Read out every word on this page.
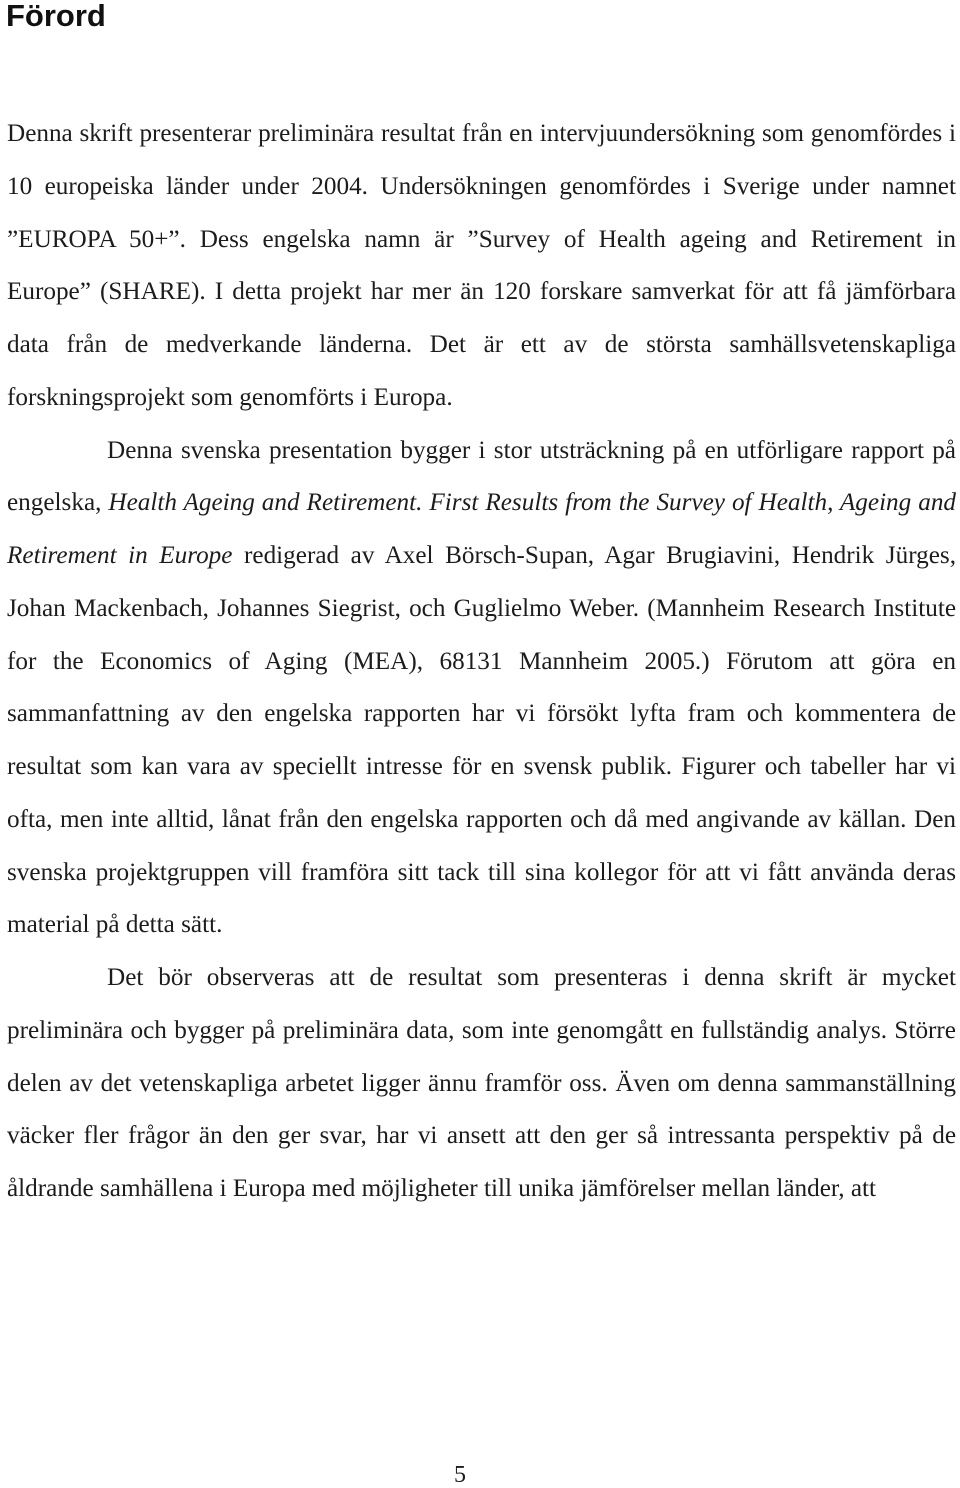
Förord

Denna skrift presenterar preliminära resultat från en intervjuundersökning som genomfördes i 10 europeiska länder under 2004. Undersökningen genomfördes i Sverige under namnet ”EUROPA 50+”. Dess engelska namn är ”Survey of Health ageing and Retirement in Europe” (SHARE). I detta projekt har mer än 120 forskare samverkat för att få jämförbara data från de medverkande länderna. Det är ett av de största samhällsvetenskapliga forskningsprojekt som genomförts i Europa.

Denna svenska presentation bygger i stor utsträckning på en utförligare rapport på engelska, Health Ageing and Retirement. First Results from the Survey of Health, Ageing and Retirement in Europe redigerad av Axel Börsch-Supan, Agar Brugiavini, Hendrik Jürges, Johan Mackenbach, Johannes Siegrist, och Guglielmo Weber. (Mannheim Research Institute for the Economics of Aging (MEA), 68131 Mannheim 2005.) Förutom att göra en sammanfattning av den engelska rapporten har vi försökt lyfta fram och kommentera de resultat som kan vara av speciellt intresse för en svensk publik. Figurer och tabeller har vi ofta, men inte alltid, lånat från den engelska rapporten och då med angivande av källan. Den svenska projektgruppen vill framföra sitt tack till sina kollegor för att vi fått använda deras material på detta sätt.

Det bör observeras att de resultat som presenteras i denna skrift är mycket preliminära och bygger på preliminära data, som inte genomgått en fullständig analys. Större delen av det vetenskapliga arbetet ligger ännu framför oss. Även om denna sammanställning väcker fler frågor än den ger svar, har vi ansett att den ger så intressanta perspektiv på de åldrande samhällena i Europa med möjligheter till unika jämförelser mellan länder, att

5
